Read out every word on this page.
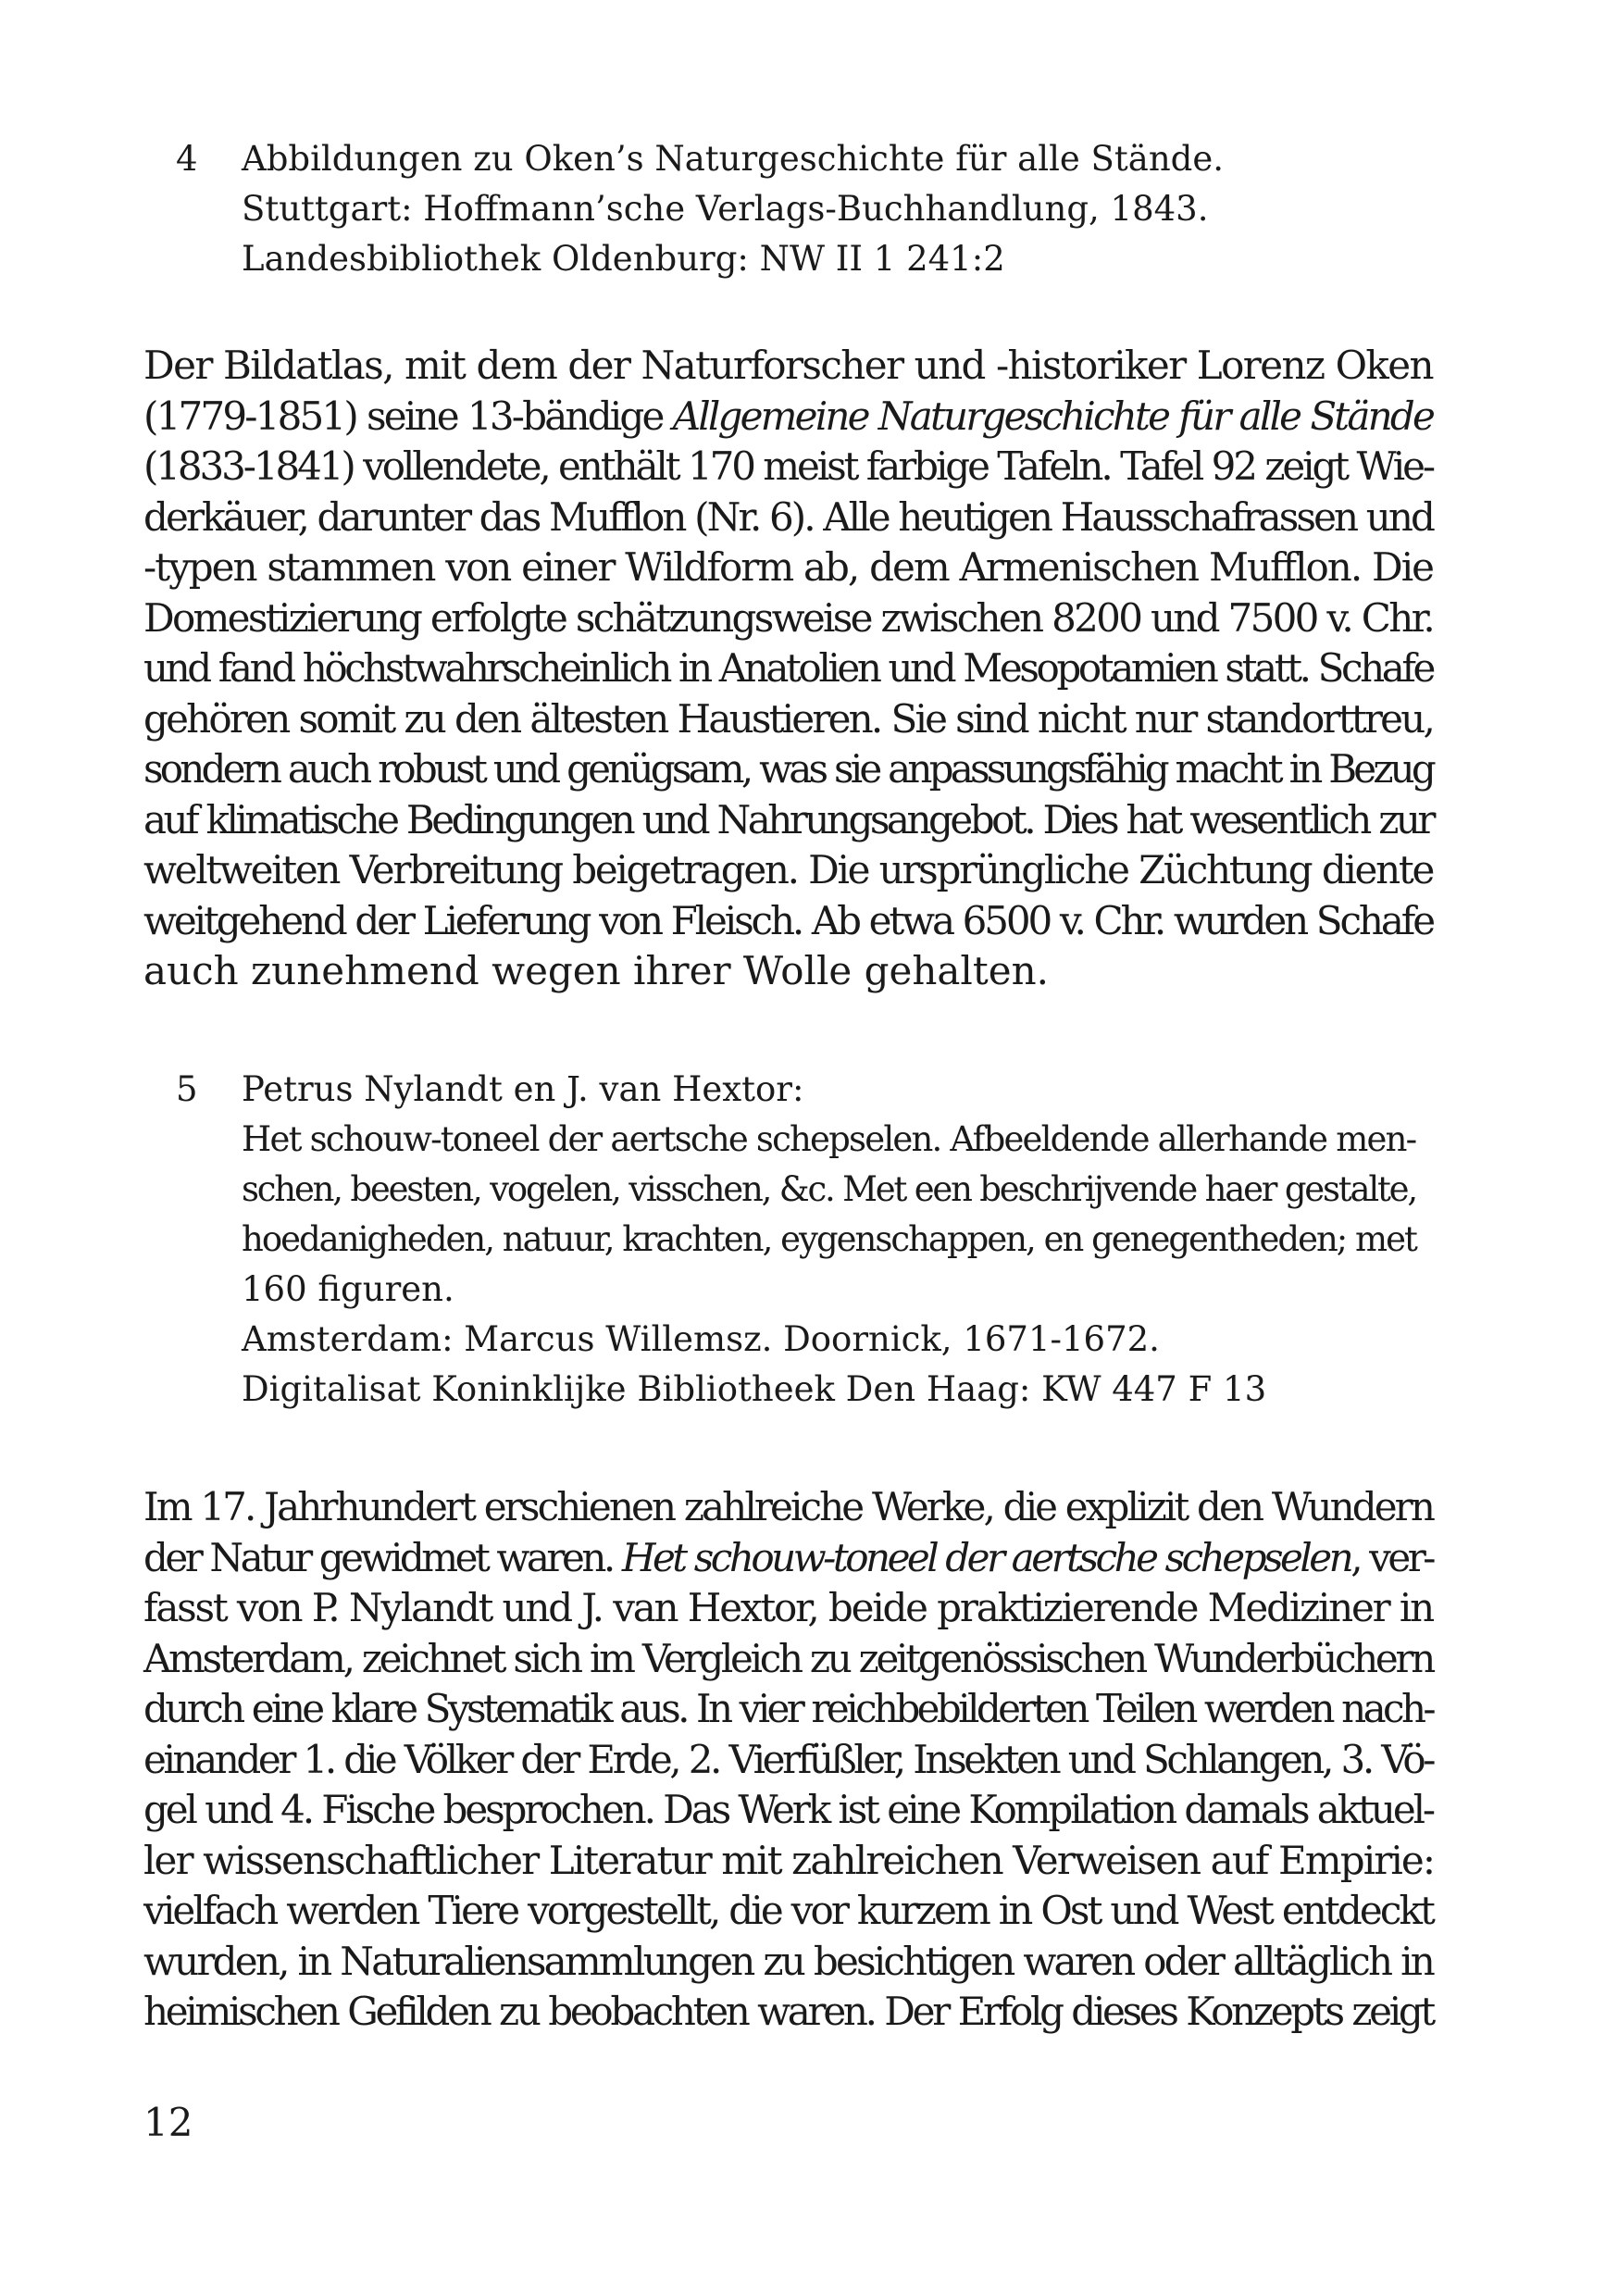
4 Abbildungen zu Oken’s Naturgeschichte für alle Stände.
Stuttgart: Hoffmann’sche Verlags-Buchhandlung, 1843.
Landesbibliothek Oldenburg: NW II 1 241:2
Der Bildatlas, mit dem der Naturforscher und -historiker Lorenz Oken
(1779-1851) seine 13-bändige Allgemeine Naturgeschichte für alle Stände
(1833-1841) vollendete, enthält 170 meist farbige Tafeln. Tafel 92 zeigt Wie-
derkäuer, darunter das Mufflon (Nr. 6). Alle heutigen Hausschafrassen und
-typen stammen von einer Wildform ab, dem Armenischen Mufflon. Die
Domestizierung erfolgte schätzungsweise zwischen 8200 und 7500 v. Chr.
und fand höchstwahrscheinlich in Anatolien und Mesopotamien statt. Schafe
gehören somit zu den ältesten Haustieren. Sie sind nicht nur standorttreu,
sondern auch robust und genügsam, was sie anpassungsfähig macht in Bezug
auf klimatische Bedingungen und Nahrungsangebot. Dies hat wesentlich zur
weltweiten Verbreitung beigetragen. Die ursprüngliche Züchtung diente
weitgehend der Lieferung von Fleisch. Ab etwa 6500 v. Chr. wurden Schafe
auch zunehmend wegen ihrer Wolle gehalten.
5 Petrus Nylandt en J. van Hextor:
Het schouw-toneel der aertsche schepselen. Afbeeldende allerhande men-
schen, beesten, vogelen, visschen, &c. Met een beschrijvende haer gestalte,
hoedanigheden, natuur, krachten, eygenschappen, en genegentheden; met
160 figuren.
Amsterdam: Marcus Willemsz. Doornick, 1671-1672.
Digitalisat Koninklijke Bibliotheek Den Haag: KW 447 F 13
Im 17. Jahrhundert erschienen zahlreiche Werke, die explizit den Wundern
der Natur gewidmet waren. Het schouw-toneel der aertsche schepselen, ver-
fasst von P. Nylandt und J. van Hextor, beide praktizierende Mediziner in
Amsterdam, zeichnet sich im Vergleich zu zeitgenössischen Wunderbüchern
durch eine klare Systematik aus. In vier reichbebilderten Teilen werden nach-
einander 1. die Völker der Erde, 2. Vierfüßler, Insekten und Schlangen, 3. Vö-
gel und 4. Fische besprochen. Das Werk ist eine Kompilation damals aktuel-
ler wissenschaftlicher Literatur mit zahlreichen Verweisen auf Empirie:
vielfach werden Tiere vorgestellt, die vor kurzem in Ost und West entdeckt
wurden, in Naturaliensammlungen zu besichtigen waren oder alltäglich in
heimischen Gefilden zu beobachten waren. Der Erfolg dieses Konzepts zeigt
12
